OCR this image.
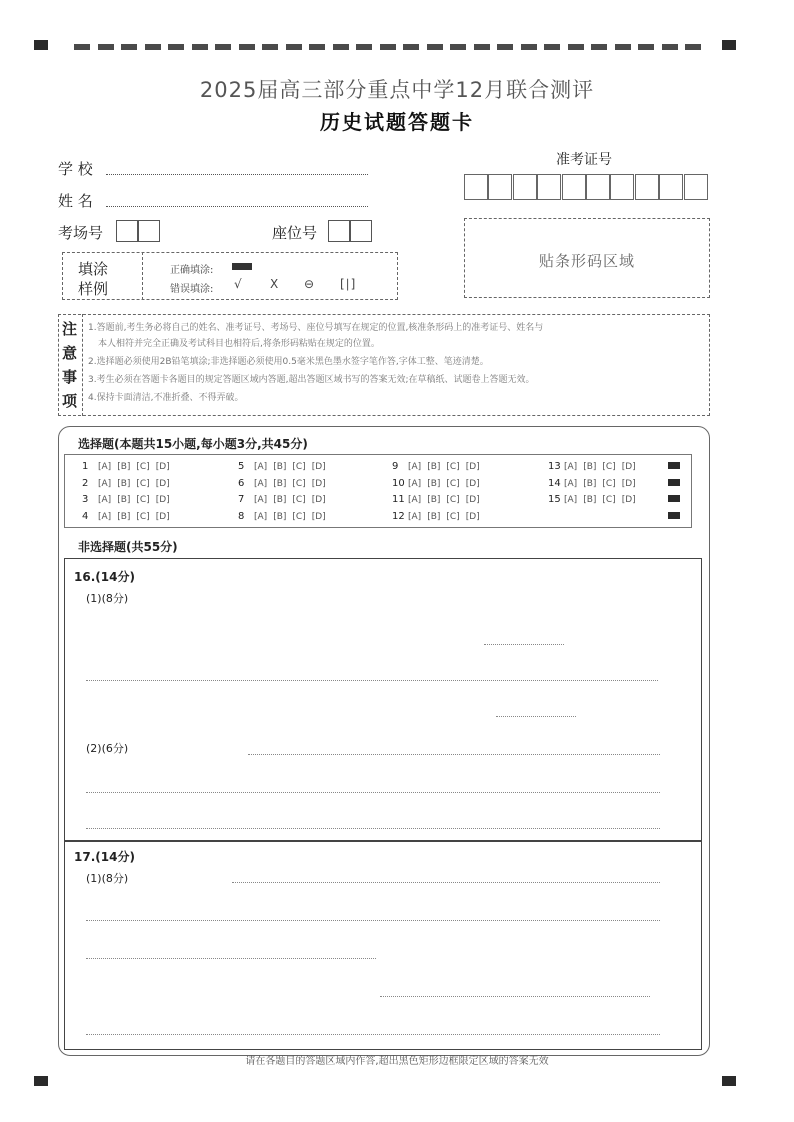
2025届高三部分重点中学12月联合测评
历史试题答题卡
学 校
姓 名
考场号	座位号
准考证号
贴条形码区域
填涂
样例
正确填涂:
错误填涂: √ X ⊖ [∣]
注
意
事
项
1.答题前,考生务必将自己的姓名、准考证号、考场号、座位号填写在规定的位置,核准条形码上的准考证号、姓名与
本人相符并完全正确及考试科目也相符后,将条形码粘贴在规定的位置。
2.选择题必须使用2B铅笔填涂;非选择题必须使用0.5毫米黑色墨水签字笔作答,字体工整、笔迹清楚。
3.考生必须在答题卡各题目的规定答题区域内答题,超出答题区域书写的答案无效;在草稿纸、试题卷上答题无效。
4.保持卡面清洁,不准折叠、不得弄破。
选择题(本题共15小题,每小题3分,共45分)
1 [A] [B] [C] [D]
2 [A] [B] [C] [D]
3 [A] [B] [C] [D]
4 [A] [B] [C] [D]
5 [A] [B] [C] [D]
6 [A] [B] [C] [D]
7 [A] [B] [C] [D]
8 [A] [B] [C] [D]
9 [A] [B] [C] [D]
10 [A] [B] [C] [D]
11 [A] [B] [C] [D]
12 [A] [B] [C] [D]
13 [A] [B] [C] [D]
14 [A] [B] [C] [D]
15 [A] [B] [C] [D]
非选择题(共55分)
16.(14分)
(1)(8分)
(2)(6分)
17.(14分)
(1)(8分)
请在各题目的答题区域内作答,超出黑色矩形边框限定区域的答案无效
